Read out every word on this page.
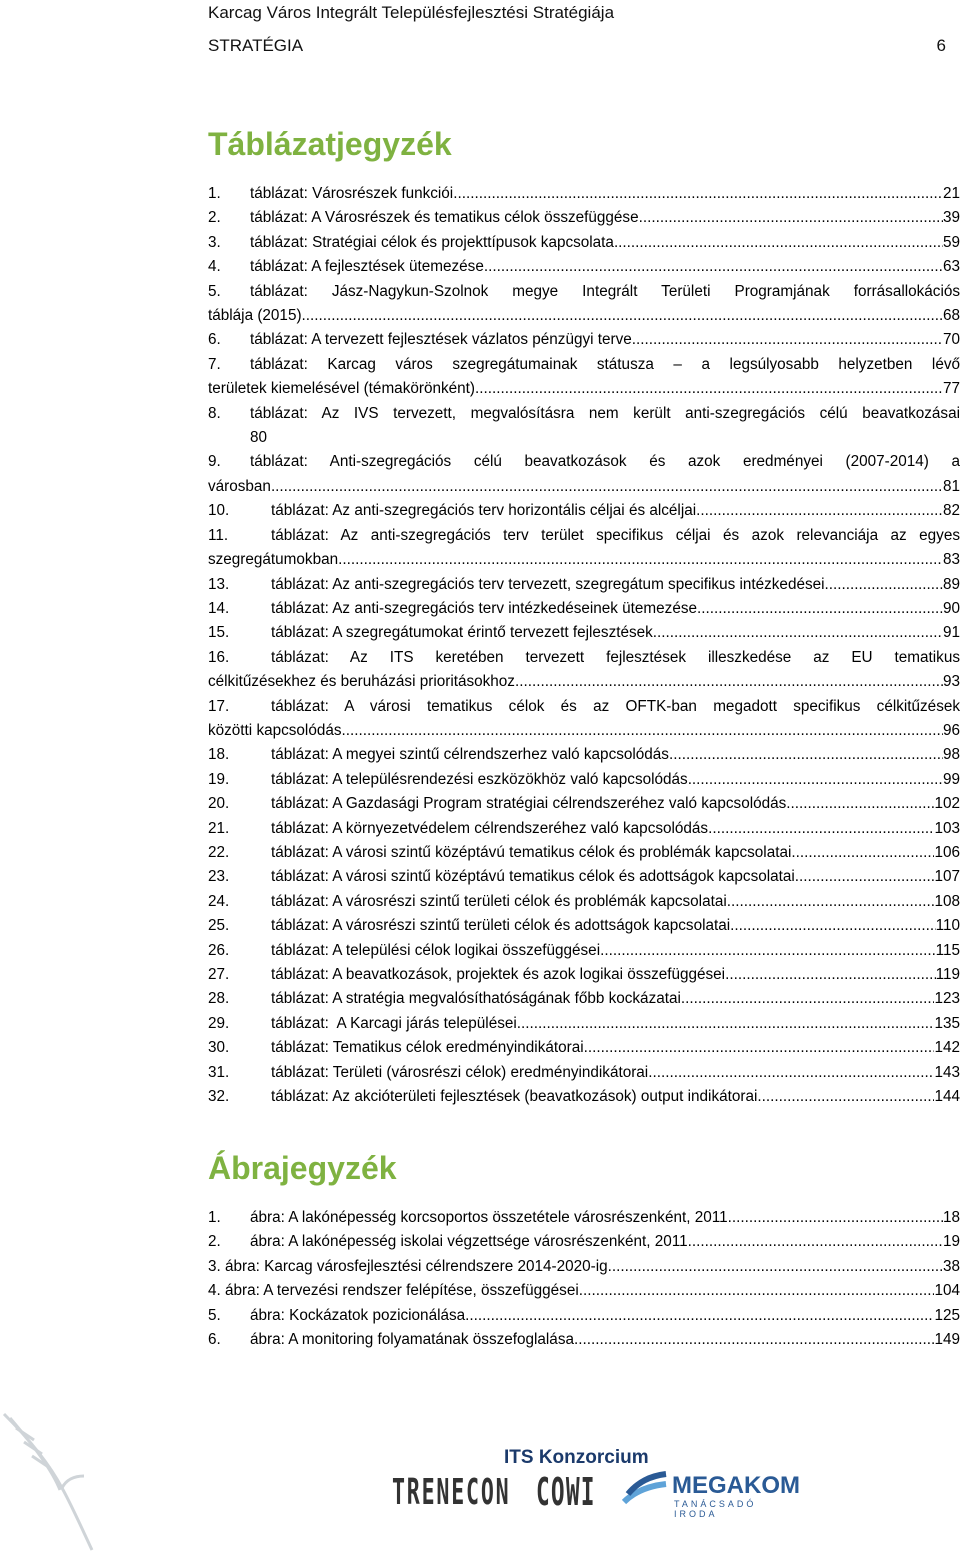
Karcag Város Integrált Településfejlesztési Stratégiája
STRATÉGIA	6
Táblázatjegyzék
1.	táblázat: Városrészek funkciói .....	21
2.	táblázat: A Városrészek és tematikus célok összefüggése .....	39
3.	táblázat: Stratégiai célok és projekttípusok kapcsolata .....	59
4.	táblázat: A fejlesztések ütemezése .....	63
5.	táblázat: Jász-Nagykun-Szolnok megye Integrált Területi Programjának forrásallokációs
táblája (2015) .....	68
6.	táblázat: A tervezett fejlesztések vázlatos pénzügyi terve .....	70
7.	táblázat: Karcag város szegregátumainak státusza – a legsúlyosabb helyzetben lévő
területek kiemelésével (témakörönként) .....	77
8.	táblázat: Az IVS tervezett, megvalósításra nem került anti-szegregációs célú beavatkozásai
80
9.	táblázat: Anti-szegregációs célú beavatkozások és azok eredményei (2007-2014) a
városban .....	81
10.	táblázat: Az anti-szegregációs terv horizontális céljai és alcéljai .....	82
11.	táblázat: Az anti-szegregációs terv terület specifikus céljai és azok relevanciája az egyes
szegregátumokban .....	83
13.	táblázat: Az anti-szegregációs terv tervezett, szegregátum specifikus intézkedései .....	89
14.	táblázat: Az anti-szegregációs terv intézkedéseinek ütemezése .....	90
15.	táblázat: A szegregátumokat érintő tervezett fejlesztések .....	91
16.	táblázat: Az ITS keretében tervezett fejlesztések illeszkedése az EU tematikus
célkitűzésekhez és beruházási prioritásokhoz .....	93
17.	táblázat: A városi tematikus célok és az OFTK-ban megadott specifikus célkitűzések
közötti kapcsolódás .....	96
18.	táblázat: A megyei szintű célrendszerhez való kapcsolódás .....	98
19.	táblázat: A településrendezési eszközökhöz való kapcsolódás .....	99
20.	táblázat: A Gazdasági Program stratégiai célrendszeréhez való kapcsolódás .....	102
21.	táblázat: A környezetvédelem célrendszeréhez való kapcsolódás .....	103
22.	táblázat: A városi szintű középtávú tematikus célok és problémák kapcsolatai .....	106
23.	táblázat: A városi szintű középtávú tematikus célok és adottságok kapcsolatai .....	107
24.	táblázat: A városrészi szintű területi célok és problémák kapcsolatai .....	108
25.	táblázat: A városrészi szintű területi célok és adottságok kapcsolatai .....	110
26.	táblázat: A települési célok logikai összefüggései .....	115
27.	táblázat: A beavatkozások, projektek és azok logikai összefüggései .....	119
28.	táblázat: A stratégia megvalósíthatóságának főbb kockázatai .....	123
29.	táblázat:  A Karcagi járás települései .....	135
30.	táblázat: Tematikus célok eredményindikátorai .....	142
31.	táblázat: Területi (városrészi célok) eredményindikátorai .....	143
32.	táblázat: Az akcióterületi fejlesztések (beavatkozások) output indikátorai .....	144
Ábrajegyzék
1.	ábra: A lakónépesség korcsoportos összetétele városrészenként, 2011 .....	18
2.	ábra: A lakónépesség iskolai végzettsége városrészenként, 2011 .....	19
3. ábra: Karcag városfejlesztési célrendszere 2014-2020-ig .....	38
4. ábra: A tervezési rendszer felépítése, összefüggései .....	104
5.	ábra: Kockázatok pozicionálása .....	125
6.	ábra: A monitoring folyamatának összefoglalása .....	149
ITS Konzorcium
TRENECON COWI	MEGAKOM
TANÁCSADÓ IRODA
